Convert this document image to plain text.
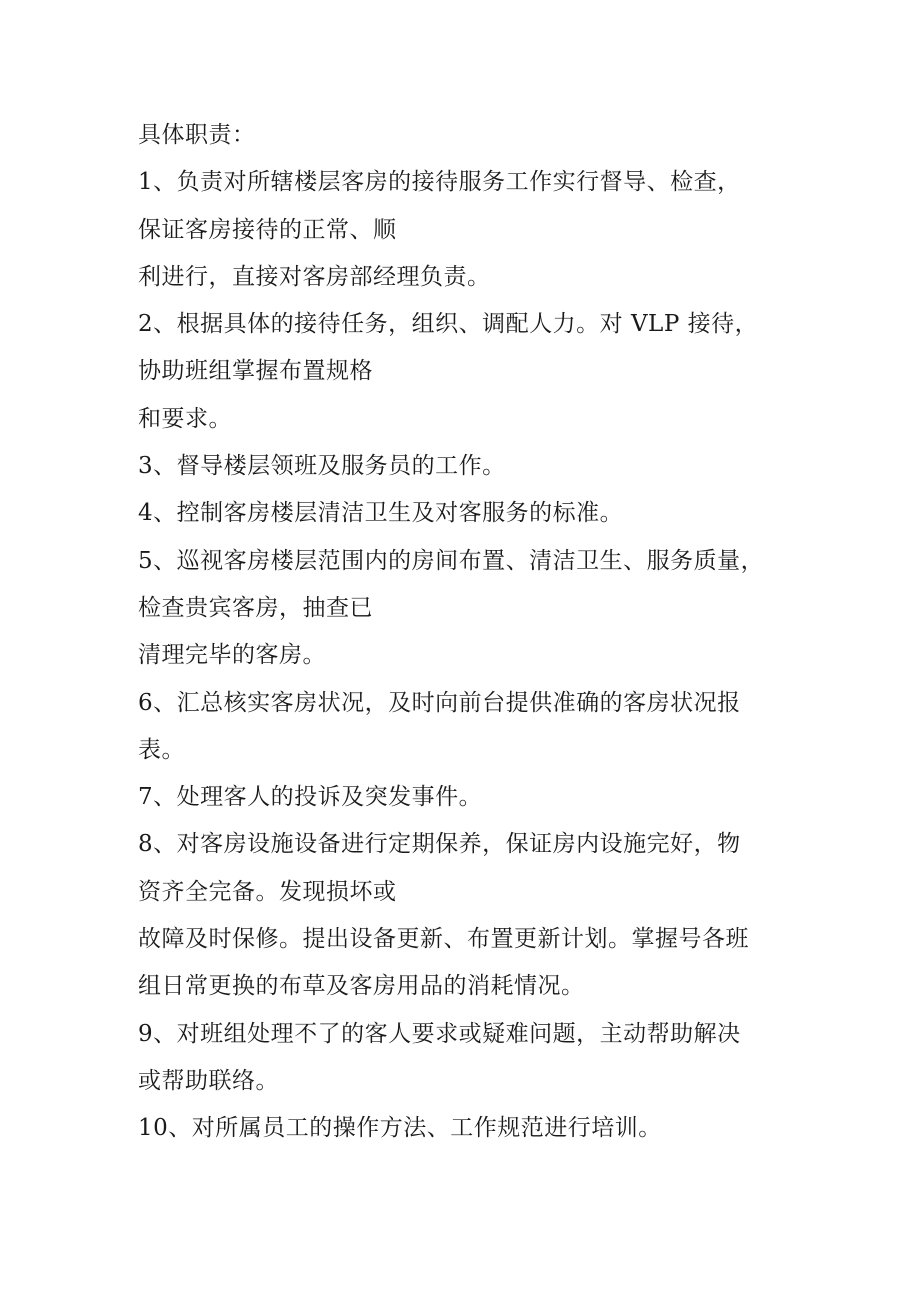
具体职责：
1、负责对所辖楼层客房的接待服务工作实行督导、检查，
保证客房接待的正常、顺
利进行，直接对客房部经理负责。
2、根据具体的接待任务，组织、调配人力。对 VLP 接待，
协助班组掌握布置规格
和要求。
3、督导楼层领班及服务员的工作。
4、控制客房楼层清洁卫生及对客服务的标准。
5、巡视客房楼层范围内的房间布置、清洁卫生、服务质量，
检查贵宾客房，抽查已
清理完毕的客房。
6、汇总核实客房状况，及时向前台提供准确的客房状况报
表。
7、处理客人的投诉及突发事件。
8、对客房设施设备进行定期保养，保证房内设施完好，物
资齐全完备。发现损坏或
故障及时保修。提出设备更新、布置更新计划。掌握号各班
组日常更换的布草及客房用品的消耗情况。
9、对班组处理不了的客人要求或疑难问题，主动帮助解决
或帮助联络。
10、对所属员工的操作方法、工作规范进行培训。
